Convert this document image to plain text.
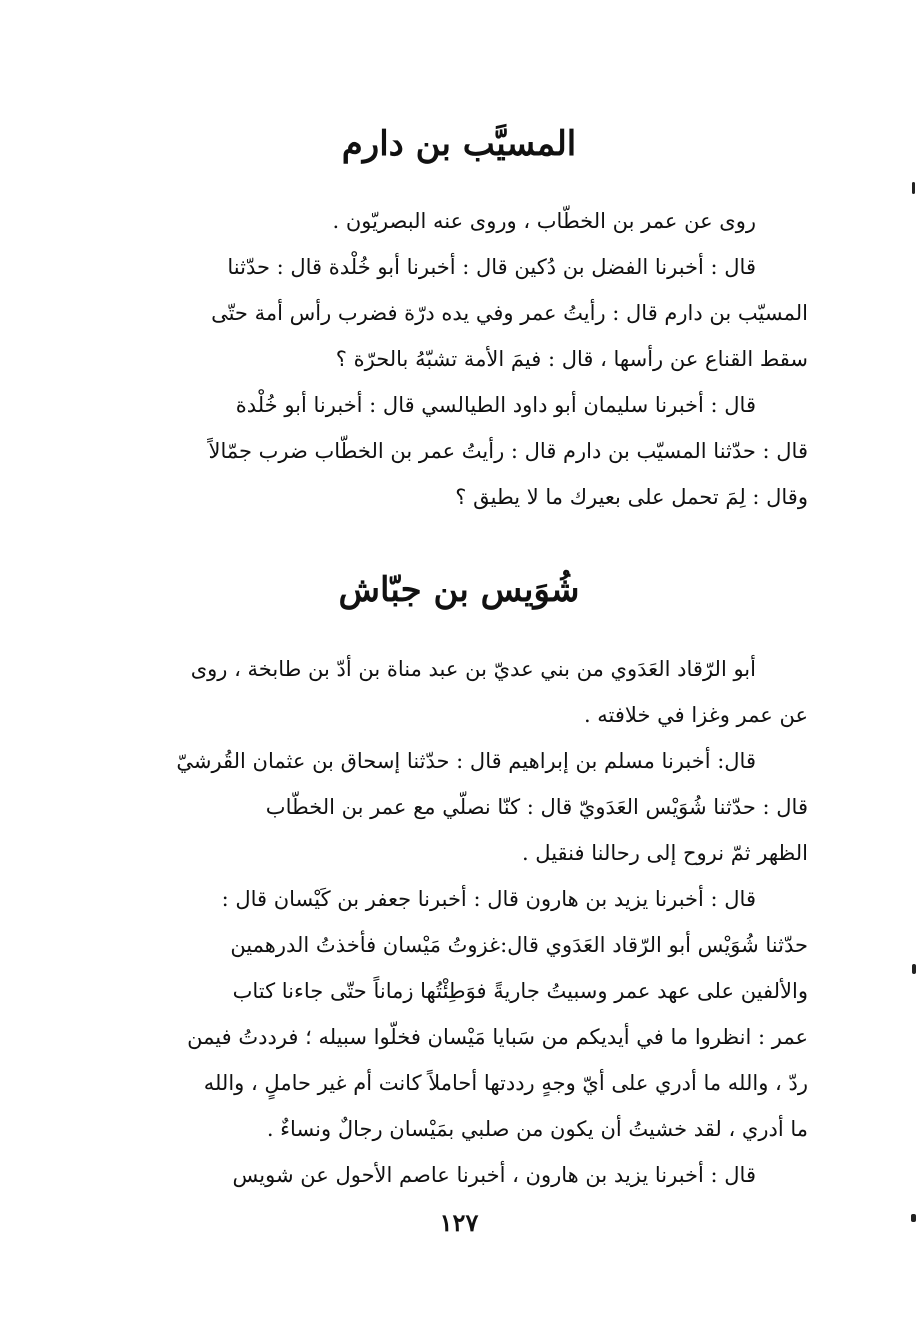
المسيَّب بن دارم
روى عن عمر بن الخطّاب ، وروى عنه البصريّون .
قال : أخبرنا الفضل بن دُكين قال : أخبرنا أبو خُلْدة قال : حدّثنا
المسيّب بن دارم قال : رأيتُ عمر وفي يده درّة فضرب رأس أمة حتّى
سقط القناع عن رأسها ، قال : فيمَ الأمة تشبّهُ بالحرّة ؟
قال : أخبرنا سليمان أبو داود الطيالسي قال : أخبرنا أبو خُلْدة
قال : حدّثنا المسيّب بن دارم قال : رأيتُ عمر بن الخطّاب ضرب جمّالاً
وقال : لِمَ تحمل على بعيرك ما لا يطيق ؟
شُوَيس بن جبّاش
أبو الرّقاد العَدَوي من بني عديّ بن عبد مناة بن أدّ بن طابخة ، روى
عن عمر وغزا في خلافته .
قال: أخبرنا مسلم بن إبراهيم قال : حدّثنا إسحاق بن عثمان القُرشيّ
قال : حدّثنا شُوَيْس العَدَويّ قال : كنّا نصلّي مع عمر بن الخطّاب
الظهر ثمّ نروح إلى رحالنا فنقيل .
قال : أخبرنا يزيد بن هارون قال : أخبرنا جعفر بن كَيْسان قال :
حدّثنا شُوَيْس أبو الرّقاد العَدَوي قال:غزوتُ مَيْسان فأخذتُ الدرهمين
والألفين على عهد عمر وسبيتُ جاريةً فوَطِئْتُها زماناً حتّى جاءنا كتاب
عمر : انظروا ما في أيديكم من سَبايا مَيْسان فخلّوا سبيله ؛ فرددتُ فيمن
ردّ ، والله ما أدري على أيّ وجهٍ رددتها أحاملاً كانت أم غير حاملٍ ، والله
ما أدري ، لقد خشيتُ أن يكون من صلبي بمَيْسان رجالٌ ونساءٌ .
قال : أخبرنا يزيد بن هارون ، أخبرنا عاصم الأحول عن شويس
١٢٧
